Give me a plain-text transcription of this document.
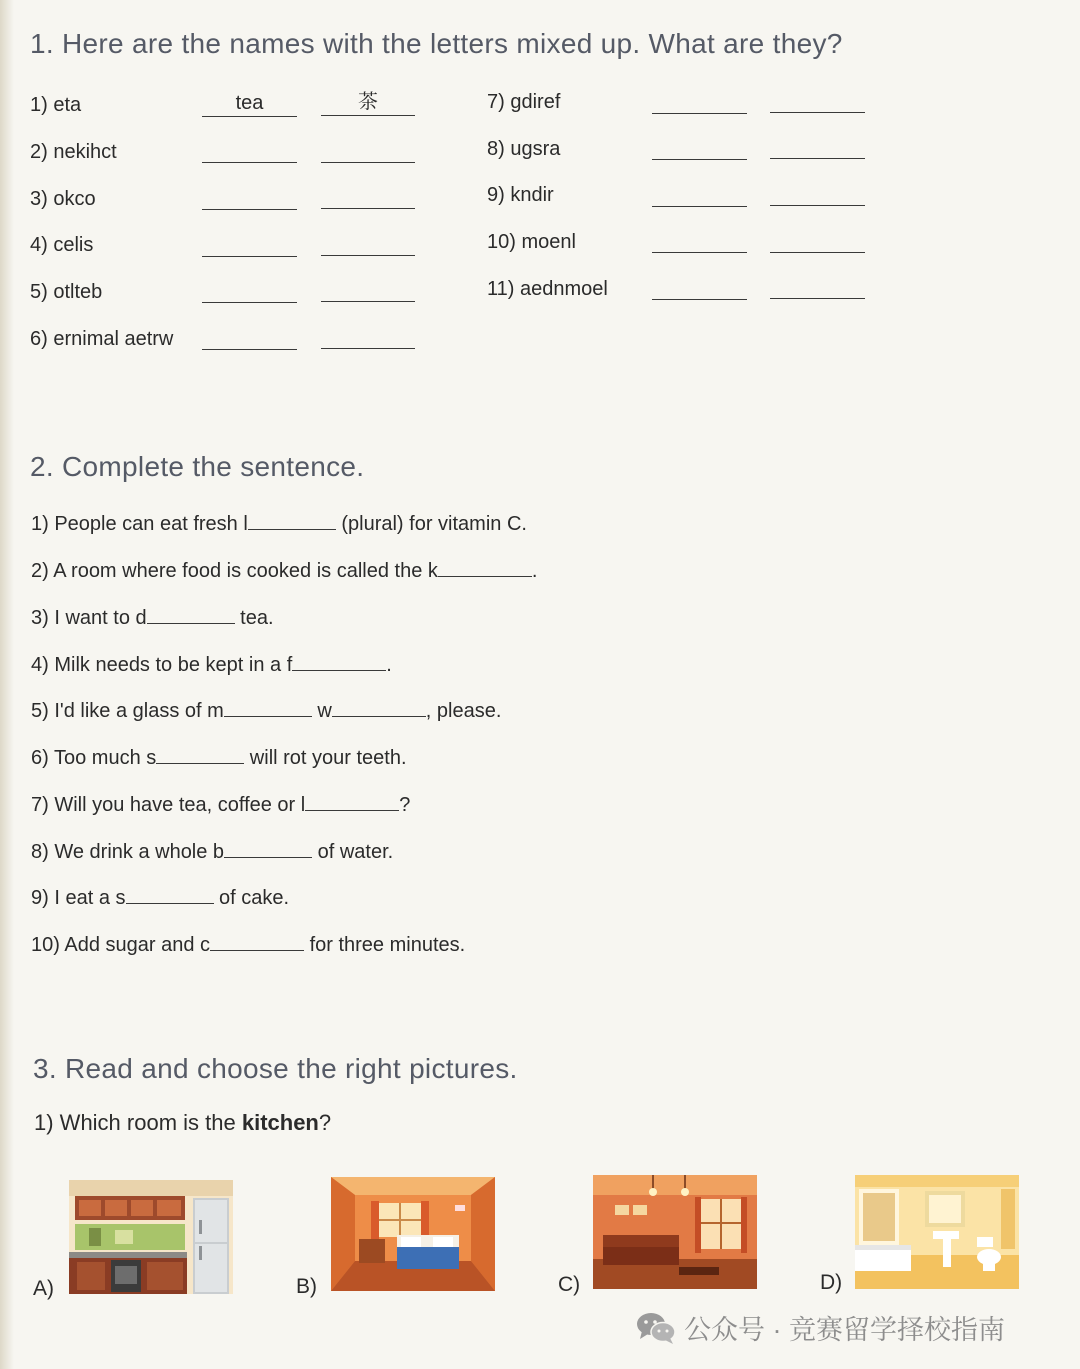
1. Here are the names with the letters mixed up. What are they?
1) eta	tea	茶
2) nekihct
3) okco
4) celis
5) otlteb
6) ernimal aetrw
7) gdiref
8) ugsra
9) kndir
10) moenl
11) aednmoel
2. Complete the sentence.
1) People can eat fresh l	(plural) for vitamin C.
2) A room where food is cooked is called the k	.
3) I want to d	tea.
4) Milk needs to be kept in a f	.
5) I'd like a glass of m	w	, please.
6) Too much s	will rot your teeth.
7) Will you have tea, coffee or l	?
8) We drink a whole b	of water.
9) I eat a s	of cake.
10) Add sugar and c	for three minutes.
3. Read and choose the right pictures.
1) Which room is the kitchen?
A)	B)	C)	D)
公众号 · 竞赛留学择校指南
